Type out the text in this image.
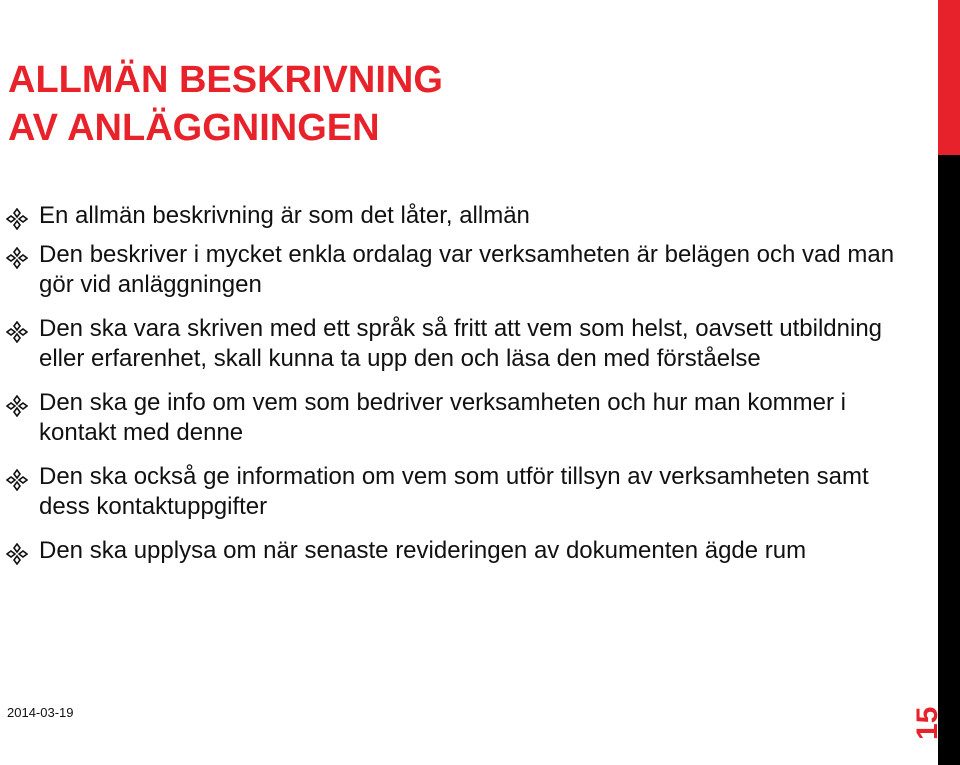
ALLMÄN BESKRIVNING
AV ANLÄGGNINGEN
En allmän beskrivning är som det låter, allmän
Den beskriver i mycket enkla ordalag var verksamheten är belägen och vad man gör vid anläggningen
Den ska vara skriven med ett språk så fritt att vem som helst, oavsett utbildning eller erfarenhet, skall kunna ta upp den och läsa den med förståelse
Den ska ge info om vem som bedriver verksamheten och hur man kommer i kontakt med denne
Den ska också ge information om vem som utför tillsyn av verksamheten samt dess kontaktuppgifter
Den ska upplysa om när senaste revideringen av dokumenten ägde rum
2014-03-19	15
